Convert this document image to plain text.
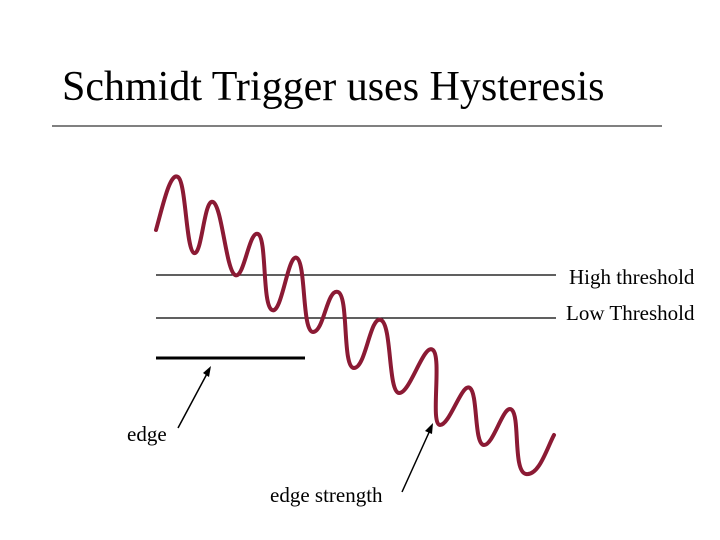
Schmidt Trigger uses Hysteresis
High threshold
Low Threshold
edge
edge strength
